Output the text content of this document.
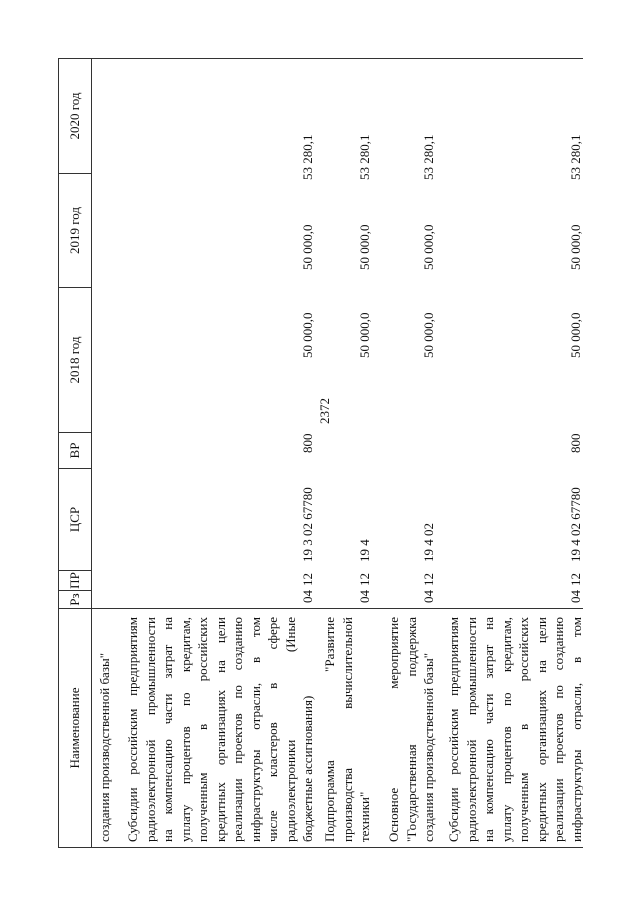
2372
Наименование
Рз
ПР
ЦСР
ВР
2018 год
2019 год
2020 год
создания производственной базы" Субсидии российским предприятиям радиоэлектронной промышленности на компенсацию части затрат на уплату процентов по кредитам, полученным в российских кредитных организациях на цели реализации проектов по созданию инфраструктуры отрасли, в том числе кластеров в сфере радиоэлектроники (Иные бюджетные ассигнования)
04
12
19 3 02 67780
800
50 000,0
50 000,0
53 280,1
Подпрограмма "Развитие производства вычислительной техники"
04
12
19 4
50 000,0
50 000,0
53 280,1
Основное мероприятие "Государственная поддержка создания производственной базы"
04
12
19 4 02
50 000,0
50 000,0
53 280,1
Субсидии российским предприятиям радиоэлектронной промышленности на компенсацию части затрат на уплату процентов по кредитам, полученным в российских кредитных организациях на цели реализации проектов по созданию инфраструктуры отрасли, в том
04
12
19 4 02 67780
800
50 000,0
50 000,0
53 280,1
